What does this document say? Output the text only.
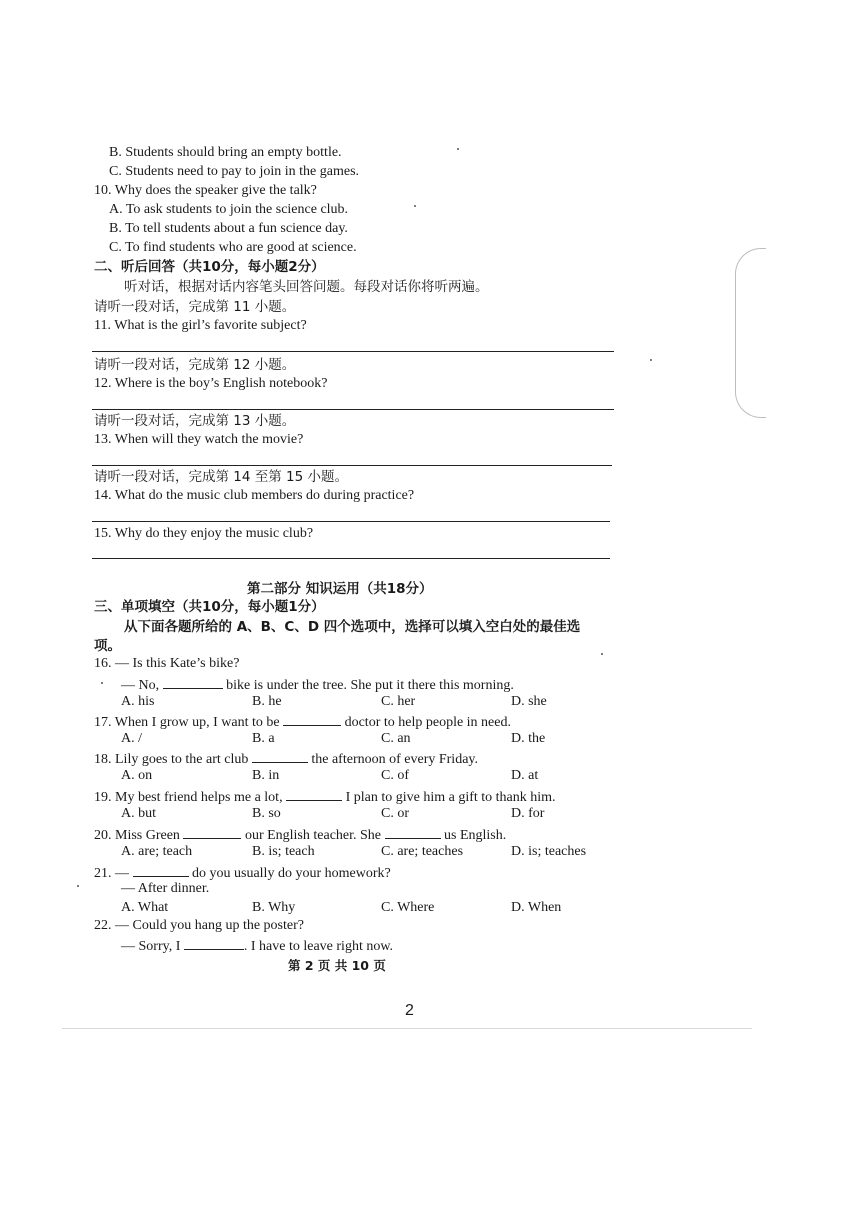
B. Students should bring an empty bottle.
C. Students need to pay to join in the games.
10. Why does the speaker give the talk?
A. To ask students to join the science club.
B. To tell students about a fun science day.
C. To find students who are good at science.
二、听后回答（共10分，每小题2分）
听对话，根据对话内容笔头回答问题。每段对话你将听两遍。
请听一段对话，完成第 11 小题。
11. What is the girl’s favorite subject?
请听一段对话，完成第 12 小题。
12. Where is the boy’s English notebook?
请听一段对话，完成第 13 小题。
13. When will they watch the movie?
请听一段对话，完成第 14 至第 15 小题。
14. What do the music club members do during practice?
15. Why do they enjoy the music club?
第二部分 知识运用（共18分）
三、单项填空（共10分，每小题1分）
从下面各题所给的 A、B、C、D 四个选项中，选择可以填入空白处的最佳选
项。
16. — Is this Kate’s bike?
— No,	bike is under the tree. She put it there this morning.
A. his	B. he	C. her	D. she
17. When I grow up, I want to be	doctor to help people in need.
A. /	B. a	C. an	D. the
18. Lily goes to the art club	the afternoon of every Friday.
A. on	B. in	C. of	D. at
19. My best friend helps me a lot,	I plan to give him a gift to thank him.
A. but	B. so	C. or	D. for
20. Miss Green	our English teacher. She	us English.
A. are; teach	B. is; teach	C. are; teaches	D. is; teaches
21. —	do you usually do your homework?
— After dinner.
A. What	B. Why	C. Where	D. When
22. — Could you hang up the poster?
— Sorry, I	. I have to leave right now.
第 2 页 共 10 页
2
